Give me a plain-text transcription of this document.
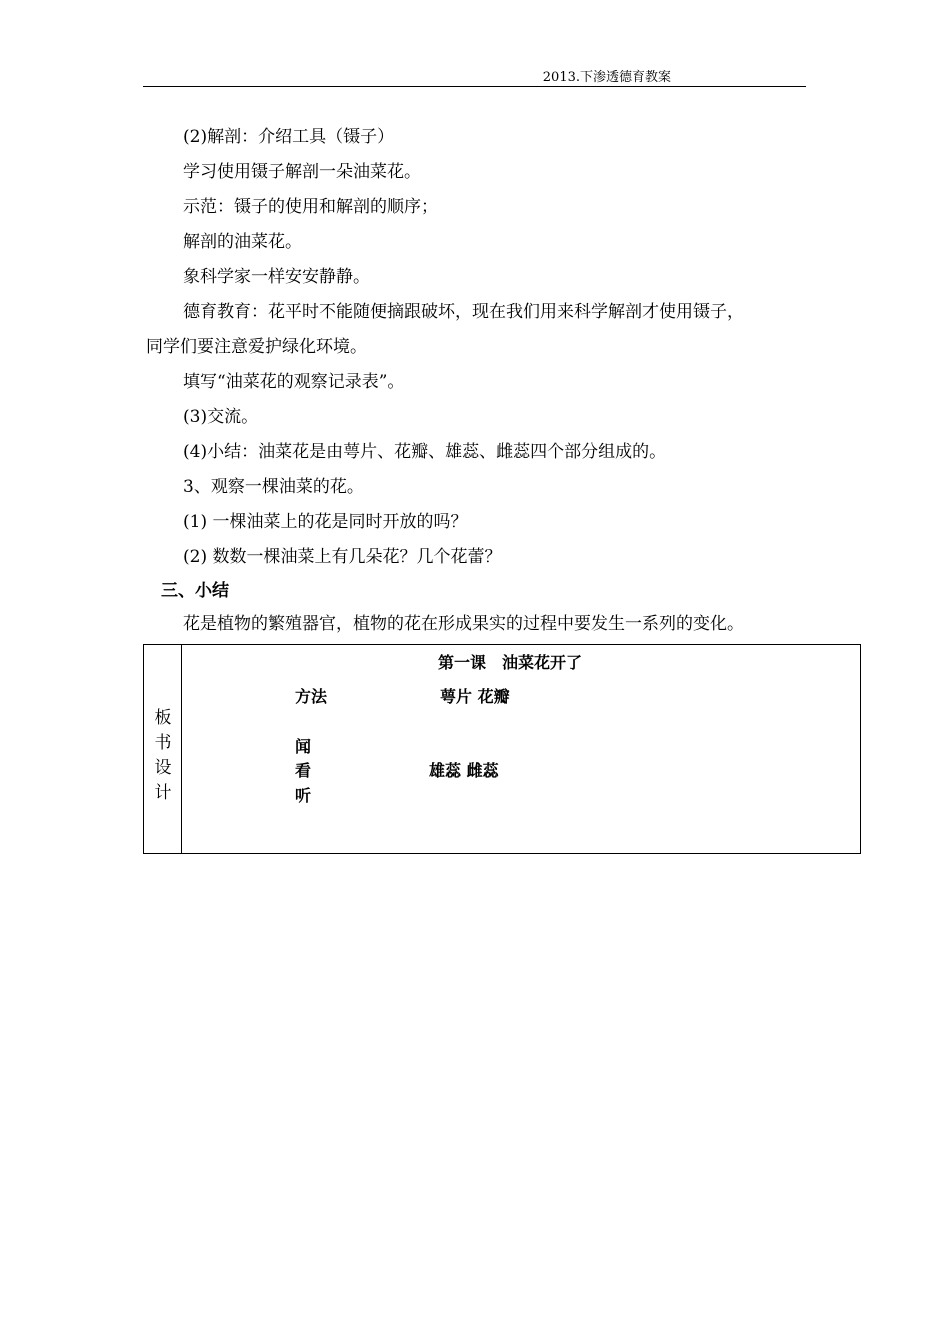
2013.下渗透德育教案
(2)解剖：介绍工具（镊子）
学习使用镊子解剖一朵油菜花。
示范：镊子的使用和解剖的顺序；
解剖的油菜花。
象科学家一样安安静静。
德育教育：花平时不能随便摘跟破坏，现在我们用来科学解剖才使用镊子，
同学们要注意爱护绿化环境。
填写“油菜花的观察记录表”。
(3)交流。
(4)小结：油菜花是由萼片、花瓣、雄蕊、雌蕊四个部分组成的。
3、观察一棵油菜的花。
(1) 一棵油菜上的花是同时开放的吗？
(2) 数数一棵油菜上有几朵花？几个花蕾？
三、小结
花是植物的繁殖器官，植物的花在形成果实的过程中要发生一系列的变化。
板
书
设
计
第一课　油菜花开了
方法	萼片 花瓣
闻
看
听
雄蕊 雌蕊
